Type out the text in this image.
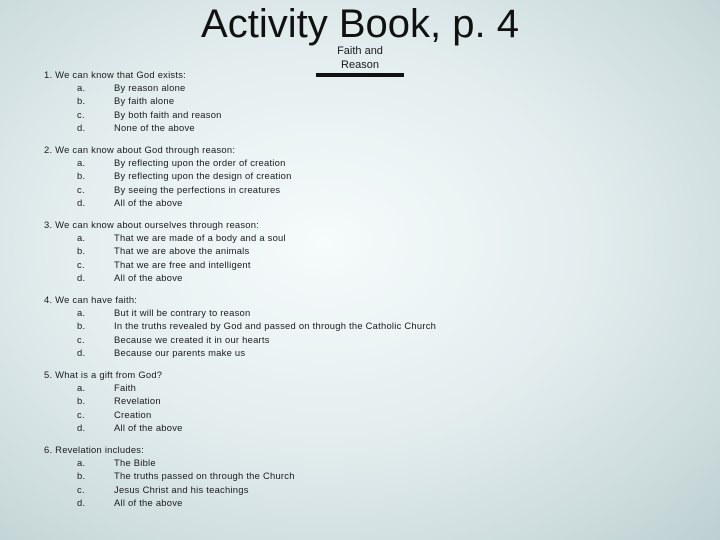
Activity Book, p. 4
Faith and Reason
1. We can know that God exists:
a.	By reason alone
b.	By faith alone
c.	By both faith and reason
d.	None of the above
2. We can know about God through reason:
a.	By reflecting upon the order of creation
b.	By reflecting upon the design of creation
c.	By seeing the perfections in creatures
d.	All of the above
3. We can know about ourselves through reason:
a.	That we are made of a body and a soul
b.	That we are above the animals
c.	That we are free and intelligent
d.	All of the above
4. We can have faith:
a.	But it will be contrary to reason
b.	In the truths revealed by God and passed on through the Catholic Church
c.	Because we created it in our hearts
d.	Because our parents make us
5. What is a gift from God?
a.	Faith
b.	Revelation
c.	Creation
d.	All of the above
6. Revelation includes:
a.	The Bible
b.	The truths passed on through the Church
c.	Jesus Christ and his teachings
d.	All of the above
